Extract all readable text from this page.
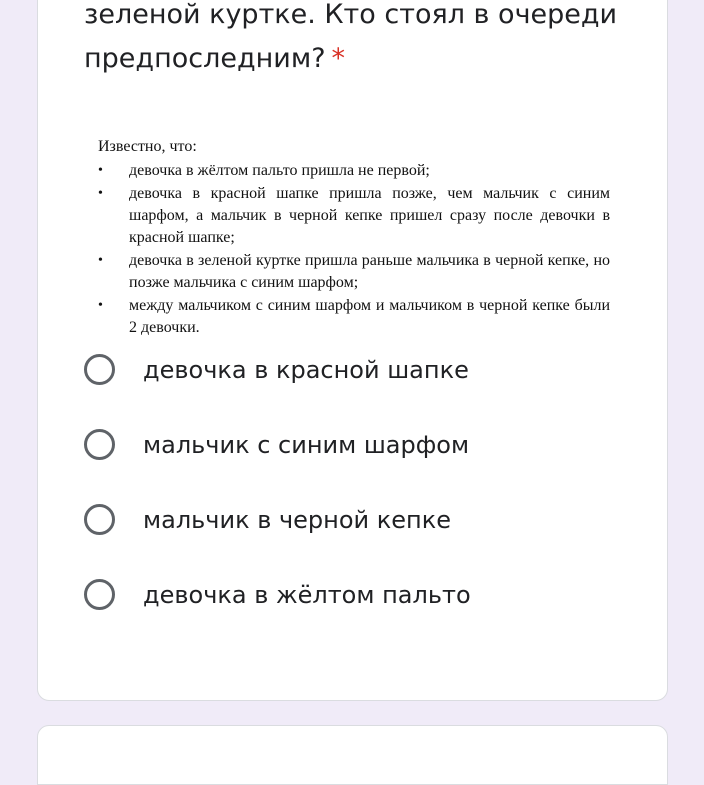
зеленой куртке. Кто стоял в очереди предпоследним? *

Известно, что:

• девочка в жёлтом пальто пришла не первой;
• девочка в красной шапке пришла позже, чем мальчик с синим шарфом, а мальчик в черной кепке пришел сразу после девочки в красной шапке;
• девочка в зеленой куртке пришла раньше мальчика в черной кепке, но позже мальчика с синим шарфом;
• между мальчиком с синим шарфом и мальчиком в черной кепке были 2 девочки.
девочка в красной шапке
мальчик с синим шарфом
мальчик в черной кепке
девочка в жёлтом пальто
